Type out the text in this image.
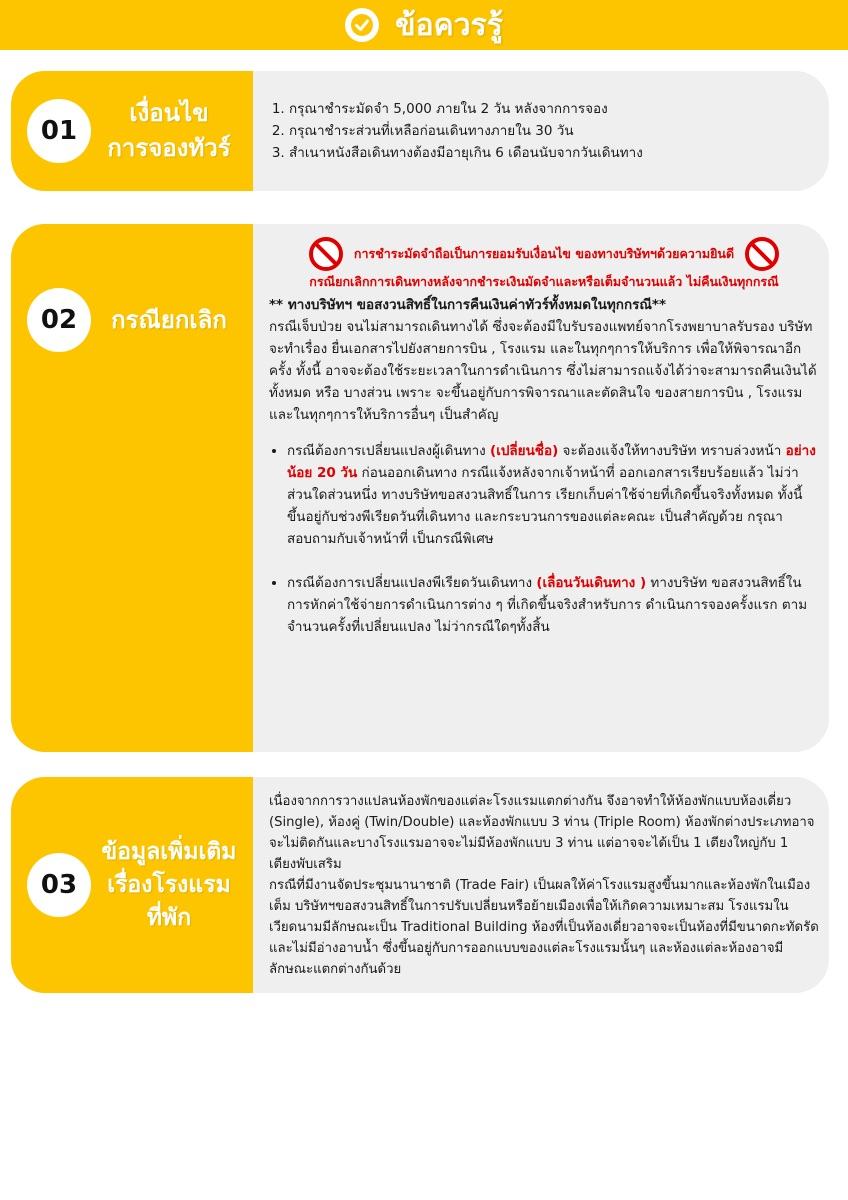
ข้อควรรู้
01
เงื่อนไข
การจองทัวร์
1. กรุณาชำระมัดจำ 5,000 ภายใน 2 วัน หลังจากการจอง
2. กรุณาชำระส่วนที่เหลือก่อนเดินทางภายใน 30 วัน
3. สำเนาหนังสือเดินทางต้องมีอายุเกิน 6 เดือนนับจากวันเดินทาง
02	กรณียกเลิก
การชำระมัดจำถือเป็นการยอมรับเงื่อนไข ของทางบริษัทฯด้วยความยินดี
กรณียกเลิกการเดินทางหลังจากชำระเงินมัดจำและหรือเต็มจำนวนแล้ว ไม่คืนเงินทุกกรณี
** ทางบริษัทฯ ขอสงวนสิทธิ์ในการคืนเงินค่าทัวร์ทั้งหมดในทุกกรณี**
กรณีเจ็บป่วย จนไม่สามารถเดินทางได้ ซึ่งจะต้องมีใบรับรองแพทย์จากโรงพยาบาลรับรอง บริษัทจะทำเรื่อง ยื่นเอกสารไปยังสายการบิน , โรงแรม และในทุกๆการให้บริการ เพื่อให้พิจารณาอีกครั้ง ทั้งนี้ อาจจะต้องใช้ระยะเวลาในการดำเนินการ ซึ่งไม่สามารถแจ้งได้ว่าจะสามารถคืนเงินได้ทั้งหมด หรือ บางส่วน เพราะ จะขึ้นอยู่กับการพิจารณาและตัดสินใจ ของสายการบิน , โรงแรม และในทุกๆการให้บริการอื่นๆ เป็นสำคัญ
• กรณีต้องการเปลี่ยนแปลงผู้เดินทาง (เปลี่ยนชื่อ) จะต้องแจ้งให้ทางบริษัท ทราบล่วงหน้า อย่างน้อย 20 วัน ก่อนออกเดินทาง กรณีแจ้งหลังจากเจ้าหน้าที่ ออกเอกสารเรียบร้อยแล้ว ไม่ว่าส่วนใดส่วนหนึ่ง ทางบริษัทขอสงวนสิทธิ์ในการ เรียกเก็บค่าใช้จ่ายที่เกิดขึ้นจริงทั้งหมด ทั้งนี้ขึ้นอยู่กับช่วงพีเรียดวันที่เดินทาง และกระบวนการของแต่ละคณะ เป็นสำคัญด้วย กรุณาสอบถามกับเจ้าหน้าที่ เป็นกรณีพิเศษ
• กรณีต้องการเปลี่ยนแปลงพีเรียดวันเดินทาง (เลื่อนวันเดินทาง ) ทางบริษัท ขอสงวนสิทธิ์ในการหักค่าใช้จ่ายการดำเนินการต่าง ๆ ที่เกิดขึ้นจริงสำหรับการ ดำเนินการจองครั้งแรก ตามจำนวนครั้งที่เปลี่ยนแปลง ไม่ว่ากรณีใดๆทั้งสิ้น
03
ข้อมูลเพิ่มเติม
เรื่องโรงแรม
ที่พัก
เนื่องจากการวางแปลนห้องพักของแต่ละโรงแรมแตกต่างกัน จึงอาจทำให้ห้องพักแบบห้องเดี่ยว (Single), ห้องคู่ (Twin/Double) และห้องพักแบบ 3 ท่าน (Triple Room) ห้องพักต่างประเภทอาจจะไม่ติดกันและบางโรงแรมอาจจะไม่มีห้องพักแบบ 3 ท่าน แต่อาจจะได้เป็น 1 เตียงใหญ่กับ 1 เตียงพับเสริม
กรณีที่มีงานจัดประชุมนานาชาติ (Trade Fair) เป็นผลให้ค่าโรงแรมสูงขึ้นมากและห้องพักในเมืองเต็ม บริษัทฯขอสงวนสิทธิ์ในการปรับเปลี่ยนหรือย้ายเมืองเพื่อให้เกิดความเหมาะสม โรงแรมในเวียดนามมีลักษณะเป็น Traditional Building ห้องที่เป็นห้องเดี่ยวอาจจะเป็นห้องที่มีขนาดกะทัดรัด และไม่มีอ่างอาบน้ำ ซึ่งขึ้นอยู่กับการออกแบบของแต่ละโรงแรมนั้นๆ และห้องแต่ละห้องอาจมีลักษณะแตกต่างกันด้วย
